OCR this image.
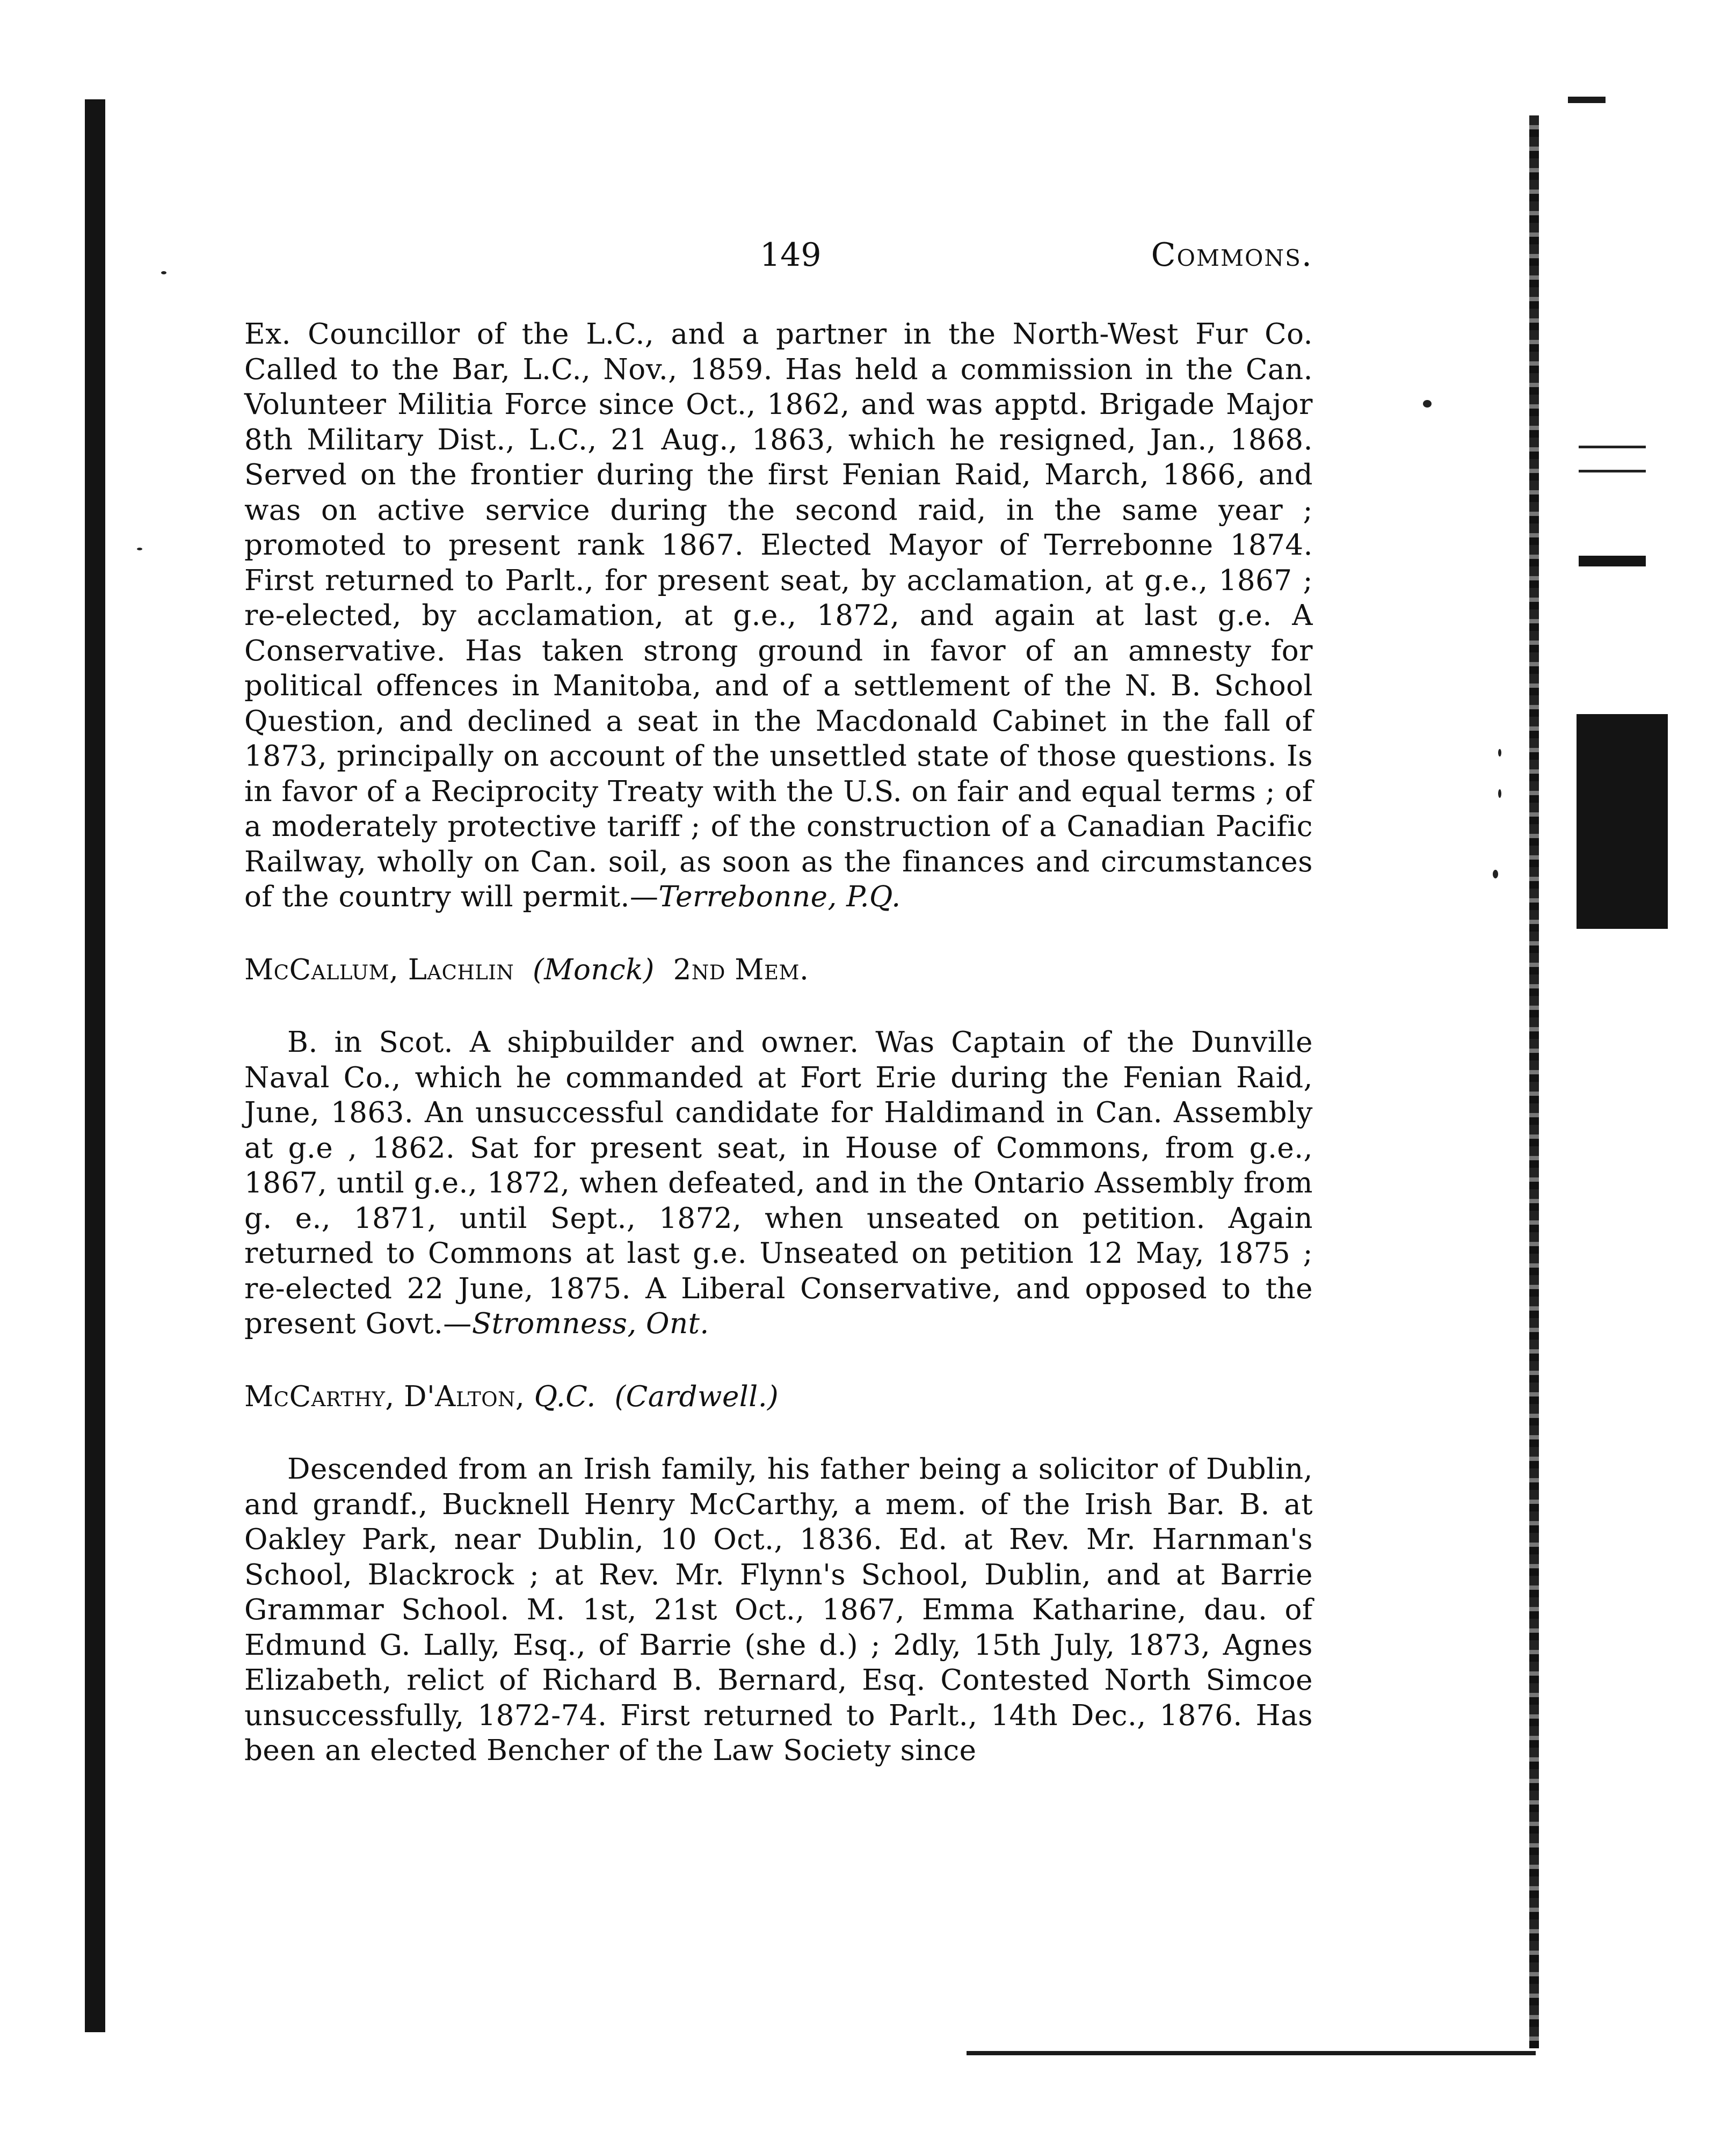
149	Commons.

Ex. Councillor of the L.C., and a partner in the North-West Fur Co. Called to the Bar, L.C., Nov., 1859. Has held a commission in the Can. Volunteer Militia Force since Oct., 1862, and was apptd. Brigade Major 8th Military Dist., L.C., 21 Aug., 1863, which he resigned, Jan., 1868. Served on the frontier during the first Fenian Raid, March, 1866, and was on active service during the second raid, in the same year ; promoted to present rank 1867. Elected Mayor of Terrebonne 1874. First returned to Parlt., for present seat, by acclamation, at g.e., 1867 ; re-elected, by acclamation, at g.e., 1872, and again at last g.e. A Conservative. Has taken strong ground in favor of an amnesty for political offences in Manitoba, and of a settlement of the N. B. School Question, and declined a seat in the Macdonald Cabinet in the fall of 1873, principally on account of the unsettled state of those questions. Is in favor of a Reciprocity Treaty with the U.S. on fair and equal terms ; of a moderately protective tariff ; of the construction of a Canadian Pacific Railway, wholly on Can. soil, as soon as the finances and circumstances of the country will permit.—Terrebonne, P.Q.

McCallum, Lachlin (Monck) 2nd Mem.

B. in Scot. A shipbuilder and owner. Was Captain of the Dunville Naval Co., which he commanded at Fort Erie during the Fenian Raid, June, 1863. An unsuccessful candidate for Haldimand in Can. Assembly at g.e , 1862. Sat for present seat, in House of Commons, from g.e., 1867, until g.e., 1872, when defeated, and in the Ontario Assembly from g. e., 1871, until Sept., 1872, when unseated on petition. Again returned to Commons at last g.e. Unseated on petition 12 May, 1875 ; re-elected 22 June, 1875. A Liberal Conservative, and opposed to the present Govt.—Stromness, Ont.

McCarthy, D'Alton, Q.C. (Cardwell.)

Descended from an Irish family, his father being a solicitor of Dublin, and grandf., Bucknell Henry McCarthy, a mem. of the Irish Bar. B. at Oakley Park, near Dublin, 10 Oct., 1836. Ed. at Rev. Mr. Harnman's School, Blackrock ; at Rev. Mr. Flynn's School, Dublin, and at Barrie Grammar School. M. 1st, 21st Oct., 1867, Emma Katharine, dau. of Edmund G. Lally, Esq., of Barrie (she d.) ; 2dly, 15th July, 1873, Agnes Elizabeth, relict of Richard B. Bernard, Esq. Contested North Simcoe unsuccessfully, 1872-74. First returned to Parlt., 14th Dec., 1876. Has been an elected Bencher of the Law Society since
